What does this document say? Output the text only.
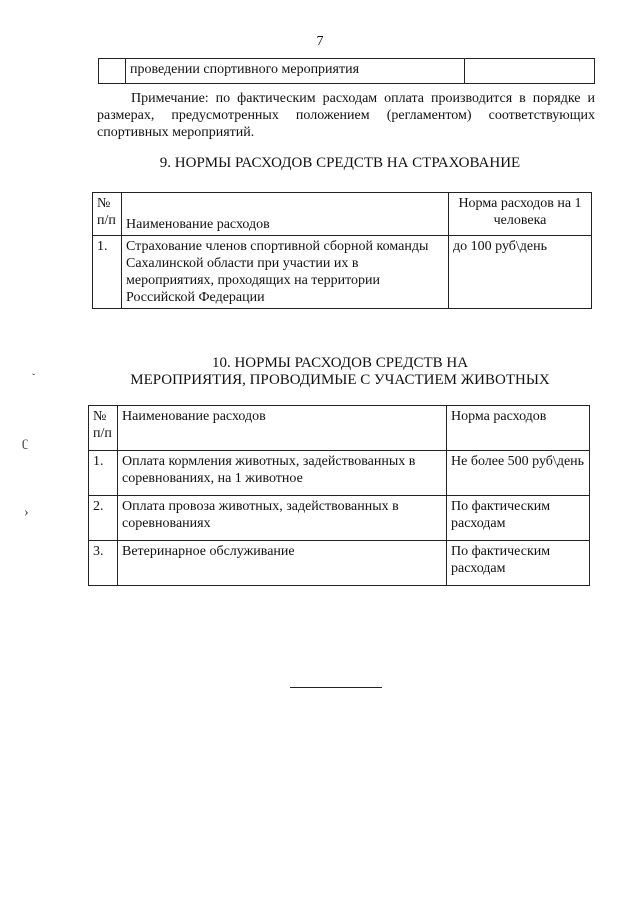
7
	проведении спортивного мероприятия	
Примечание: по фактическим расходам оплата производится в порядке и размерах, предусмотренных положением (регламентом) соответствующих спортивных мероприятий.
9. НОРМЫ РАСХОДОВ СРЕДСТВ НА СТРАХОВАНИЕ
№ п/п	Наименование расходов	Норма расходов на 1 человека
1.	Страхование членов спортивной сборной команды Сахалинской области при участии их в мероприятиях, проходящих на территории Российской Федерации	до 100 руб\день
10. НОРМЫ РАСХОДОВ СРЕДСТВ НА
МЕРОПРИЯТИЯ, ПРОВОДИМЫЕ С УЧАСТИЕМ ЖИВОТНЫХ
№ п/п	Наименование расходов	Норма расходов
1.	Оплата кормления животных, задействованных в соревнованиях, на 1 животное	Не более 500 руб\день
2.	Оплата провоза животных, задействованных в соревнованиях	По фактическим расходам
3.	Ветеринарное обслуживание	По фактическим расходам
ʗ
›
ˇ
